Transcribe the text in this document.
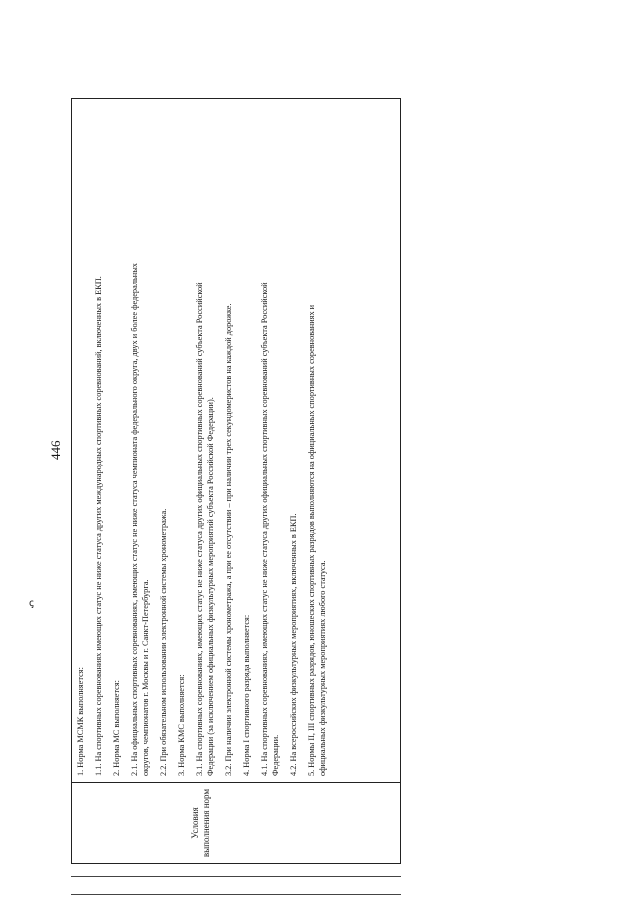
446
ꞔ
Условия выполнения норм

1. Норма МСМК выполняется: 1.1. На спортивных соревнованиях имеющих статус не ниже статуса других международных спортивных соревнований, включенных в ЕКП. 2. Норма МС выполняется: 2.1. На официальных спортивных соревнованиях, имеющих статус не ниже статуса чемпионата федерального округа, двух и более федеральных
округов, чемпионатов г. Москвы и г. Санкт-Петербурга. 2.2. При обязательном использовании электронной системы хронометража. 3. Норма КМС выполняется: 3.1. На спортивных соревнованиях, имеющих статус не ниже статуса других официальных спортивных соревнований субъекта Российской
Федерации (за исключением официальных физкультурных мероприятий субъекта Российской Федерации). 3.2. При наличии электронной системы хронометража, а при ее отсутствии – при наличии трех секундомеристов на каждой дорожке. 4. Норма I спортивного разряда выполняется: 4.1. На спортивных соревнованиях, имеющих статус не ниже статуса других официальных спортивных соревнований субъекта Российской
Федерации. 4.2. На всероссийских физкультурных мероприятиях, включенных в ЕКП. 5. Нормы II, III спортивных разрядов, юношеских спортивных разрядов выполняются на официальных спортивных соревнованиях и
официальных физкультурных мероприятиях любого статуса.
